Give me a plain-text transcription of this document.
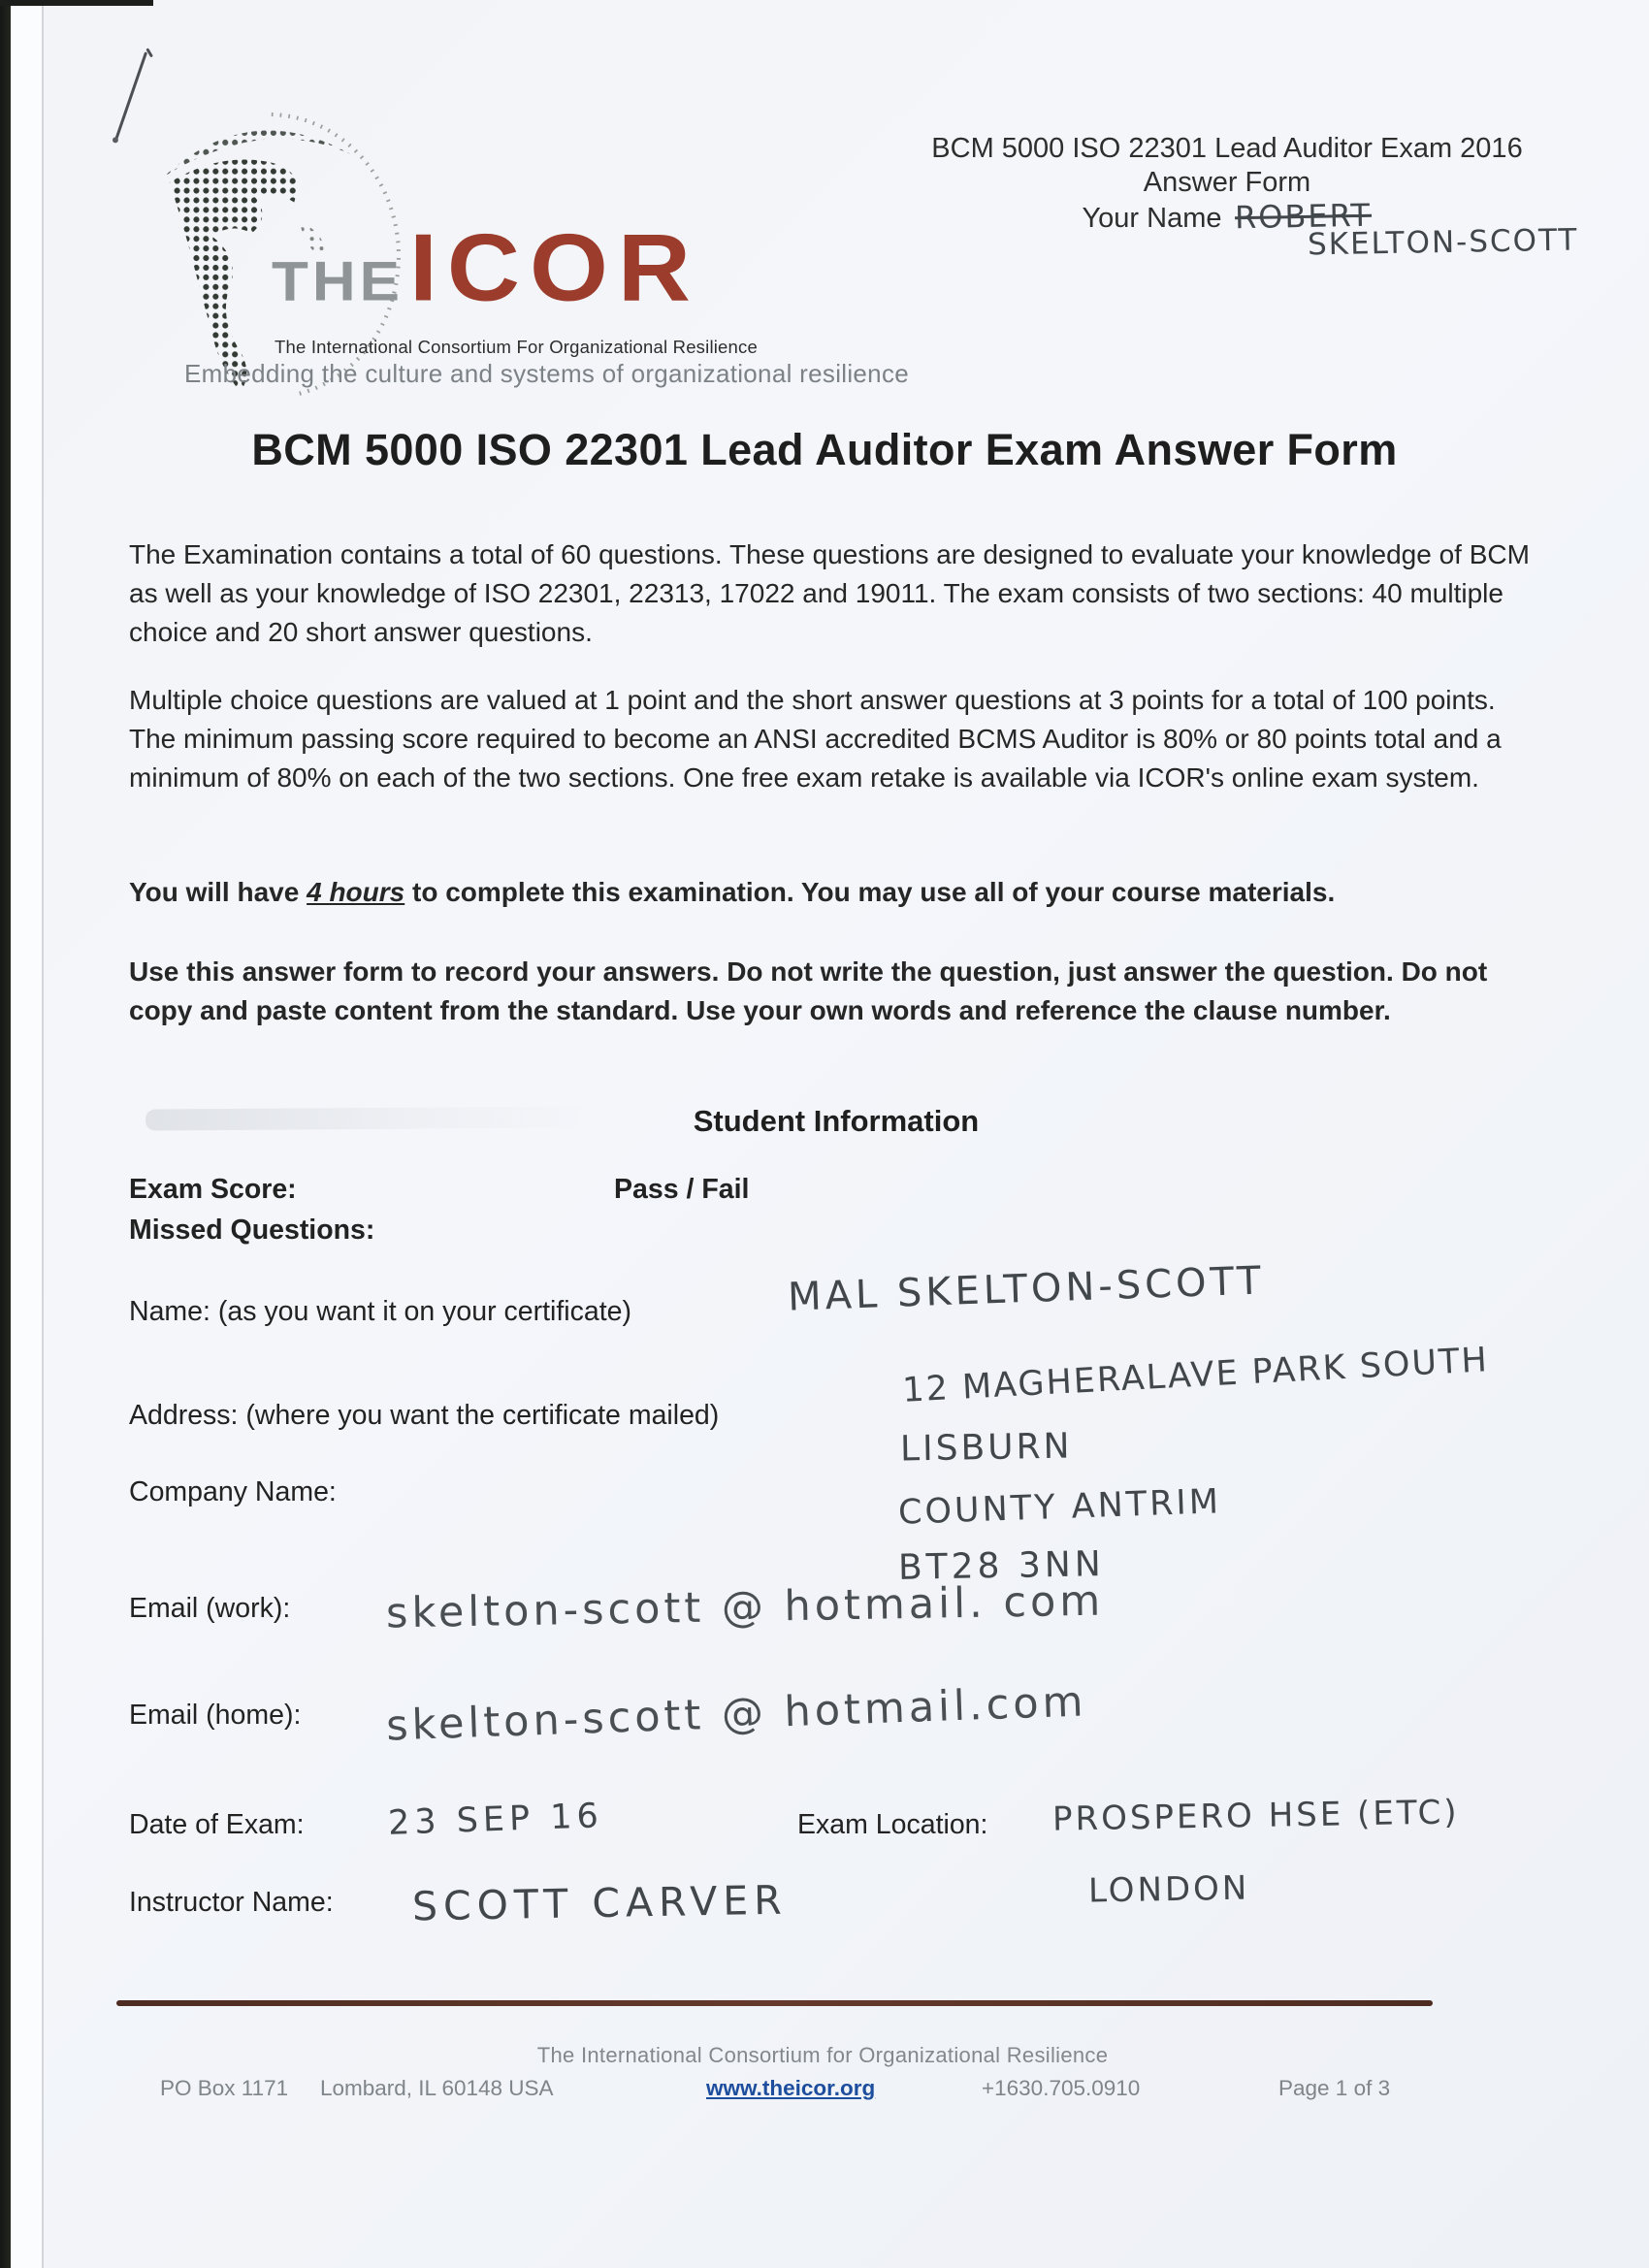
THE ICOR
The International Consortium For Organizational Resilience
Embedding the culture and systems of organizational resilience
BCM 5000 ISO 22301 Lead Auditor Exam 2016
Answer Form
Your Name ROBERT
SKELTON-SCOTT
BCM 5000 ISO 22301 Lead Auditor Exam Answer Form
The Examination contains a total of 60 questions. These questions are designed to evaluate your knowledge of BCM as well as your knowledge of ISO 22301, 22313, 17022 and 19011. The exam consists of two sections: 40 multiple choice and 20 short answer questions.
Multiple choice questions are valued at 1 point and the short answer questions at 3 points for a total of 100 points. The minimum passing score required to become an ANSI accredited BCMS Auditor is 80% or 80 points total and a minimum of 80% on each of the two sections. One free exam retake is available via ICOR's online exam system.
You will have 4 hours to complete this examination. You may use all of your course materials.
Use this answer form to record your answers. Do not write the question, just answer the question. Do not copy and paste content from the standard. Use your own words and reference the clause number.
Student Information
Exam Score:	Pass / Fail
Missed Questions:
Name: (as you want it on your certificate)	MAL SKELTON-SCOTT
Address: (where you want the certificate mailed)
12 MAGHERALAVE PARK SOUTH
LISBURN
COUNTY ANTRIM
BT28 3NN
Company Name:
Email (work): skelton-scott @ hotmail. com
Email (home): skelton-scott @ hotmail.com
Date of Exam: 23 SEP 16	Exam Location: PROSPERO HSE (ETC)
LONDON
Instructor Name: SCOTT CARVER
The International Consortium for Organizational Resilience
PO Box 1171 Lombard, IL 60148 USA	www.theicor.org	+1630.705.0910	Page 1 of 3
